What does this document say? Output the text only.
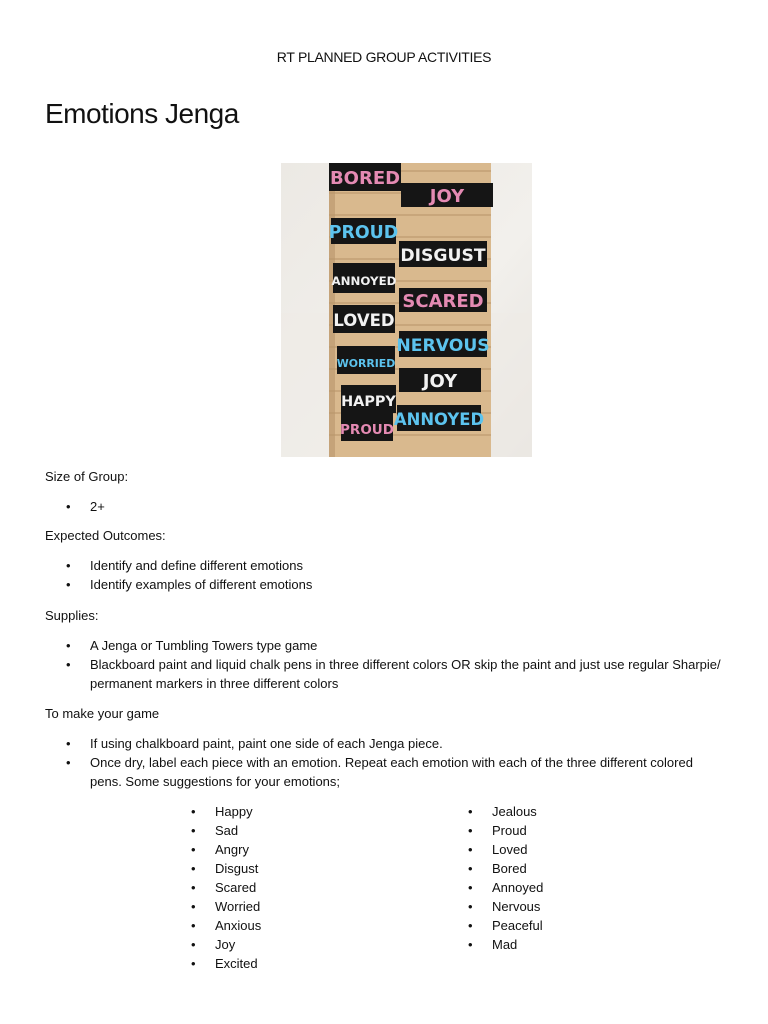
RT PLANNED GROUP ACTIVITIES
Emotions Jenga
BORED
JOY
PROUD
DISGUST
ANNOYED
SCARED
LOVED
NERVOUS
WORRIED
JOY
HAPPY
ANNOYED
PROUD
Size of Group:
• 2+
Expected Outcomes:
• Identify and define different emotions
• Identify examples of different emotions
Supplies:
• A Jenga or Tumbling Towers type game
• Blackboard paint and liquid chalk pens in three different colors OR skip the paint and just use regular Sharpie/ permanent markers in three different colors
To make your game
• If using chalkboard paint, paint one side of each Jenga piece.
• Once dry, label each piece with an emotion. Repeat each emotion with each of the three different colored pens. Some suggestions for your emotions;
• Happy
• Sad
• Angry
• Disgust
• Scared
• Worried
• Anxious
• Joy
• Excited
• Jealous
• Proud
• Loved
• Bored
• Annoyed
• Nervous
• Peaceful
• Mad
